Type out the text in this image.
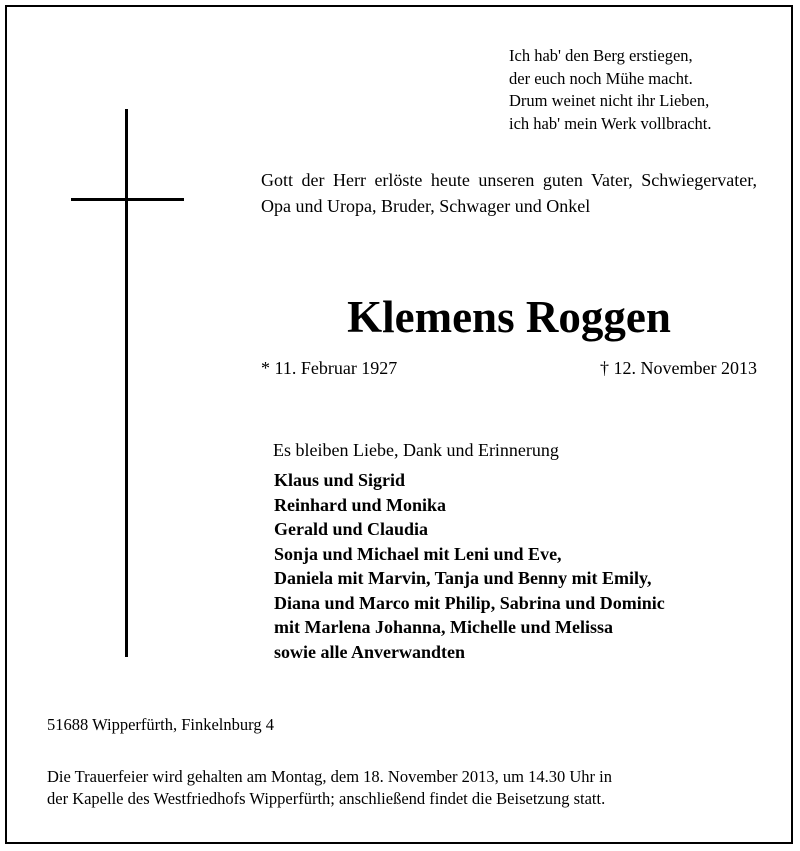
Ich hab' den Berg erstiegen,
der euch noch Mühe macht.
Drum weinet nicht ihr Lieben,
ich hab' mein Werk vollbracht.
Gott der Herr erlöste heute unseren guten Vater, Schwiegervater, Opa und Uropa, Bruder, Schwager und Onkel
Klemens Roggen
* 11. Februar 1927	† 12. November 2013
Es bleiben Liebe, Dank und Erinnerung
Klaus und Sigrid
Reinhard und Monika
Gerald und Claudia
Sonja und Michael mit Leni und Eve,
Daniela mit Marvin, Tanja und Benny mit Emily,
Diana und Marco mit Philip, Sabrina und Dominic
mit Marlena Johanna, Michelle und Melissa
sowie alle Anverwandten
51688 Wipperfürth, Finkelnburg 4
Die Trauerfeier wird gehalten am Montag, dem 18. November 2013, um 14.30 Uhr in
der Kapelle des Westfriedhofs Wipperfürth; anschließend findet die Beisetzung statt.
